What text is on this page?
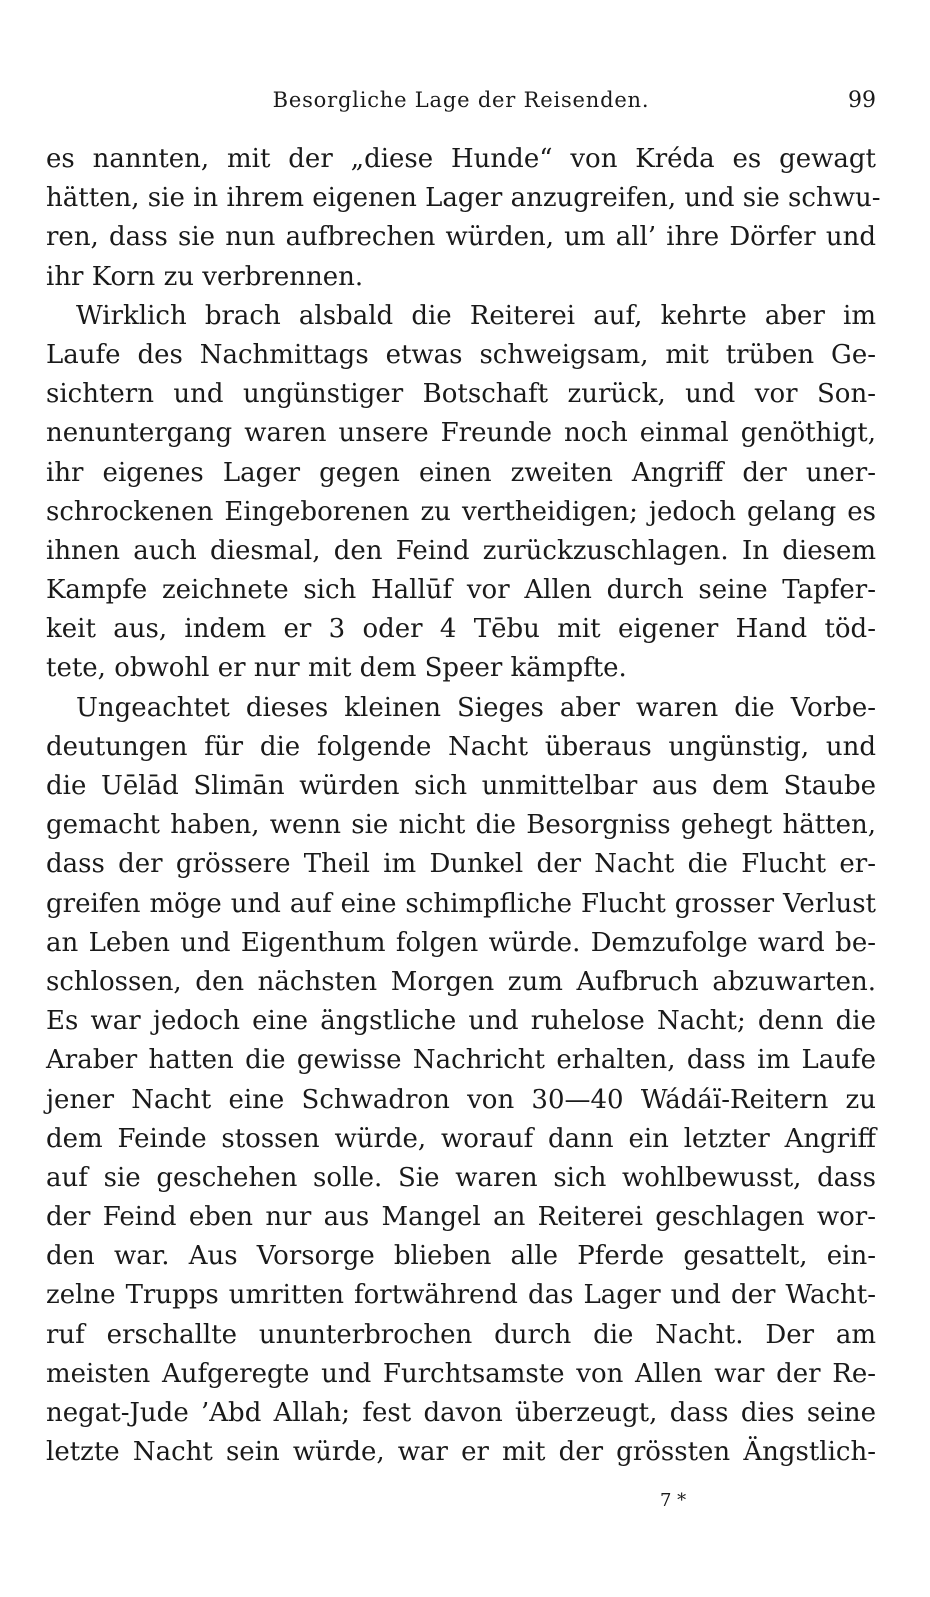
Besorgliche Lage der Reisenden.	99
es nannten, mit der „diese Hunde“ von Kréda es gewagt
hätten, sie in ihrem eigenen Lager anzugreifen, und sie schwu-
ren, dass sie nun aufbrechen würden, um all’ ihre Dörfer und
ihr Korn zu verbrennen.
Wirklich brach alsbald die Reiterei auf, kehrte aber im
Laufe des Nachmittags etwas schweigsam, mit trüben Ge-
sichtern und ungünstiger Botschaft zurück, und vor Son-
nenuntergang waren unsere Freunde noch einmal genöthigt,
ihr eigenes Lager gegen einen zweiten Angriff der uner-
schrockenen Eingeborenen zu vertheidigen; jedoch gelang es
ihnen auch diesmal, den Feind zurückzuschlagen. In diesem
Kampfe zeichnete sich Hallūf vor Allen durch seine Tapfer-
keit aus, indem er 3 oder 4 Tēbu mit eigener Hand töd-
tete, obwohl er nur mit dem Speer kämpfte.
Ungeachtet dieses kleinen Sieges aber waren die Vorbe-
deutungen für die folgende Nacht überaus ungünstig, und
die Uēlād Slimān würden sich unmittelbar aus dem Staube
gemacht haben, wenn sie nicht die Besorgniss gehegt hätten,
dass der grössere Theil im Dunkel der Nacht die Flucht er-
greifen möge und auf eine schimpfliche Flucht grosser Verlust
an Leben und Eigenthum folgen würde. Demzufolge ward be-
schlossen, den nächsten Morgen zum Aufbruch abzuwarten.
Es war jedoch eine ängstliche und ruhelose Nacht; denn die
Araber hatten die gewisse Nachricht erhalten, dass im Laufe
jener Nacht eine Schwadron von 30—40 Wádáï-Reitern zu
dem Feinde stossen würde, worauf dann ein letzter Angriff
auf sie geschehen solle. Sie waren sich wohlbewusst, dass
der Feind eben nur aus Mangel an Reiterei geschlagen wor-
den war. Aus Vorsorge blieben alle Pferde gesattelt, ein-
zelne Trupps umritten fortwährend das Lager und der Wacht-
ruf erschallte ununterbrochen durch die Nacht. Der am
meisten Aufgeregte und Furchtsamste von Allen war der Re-
negat-Jude ’Abd Allah; fest davon überzeugt, dass dies seine
letzte Nacht sein würde, war er mit der grössten Ängstlich-
7 *
